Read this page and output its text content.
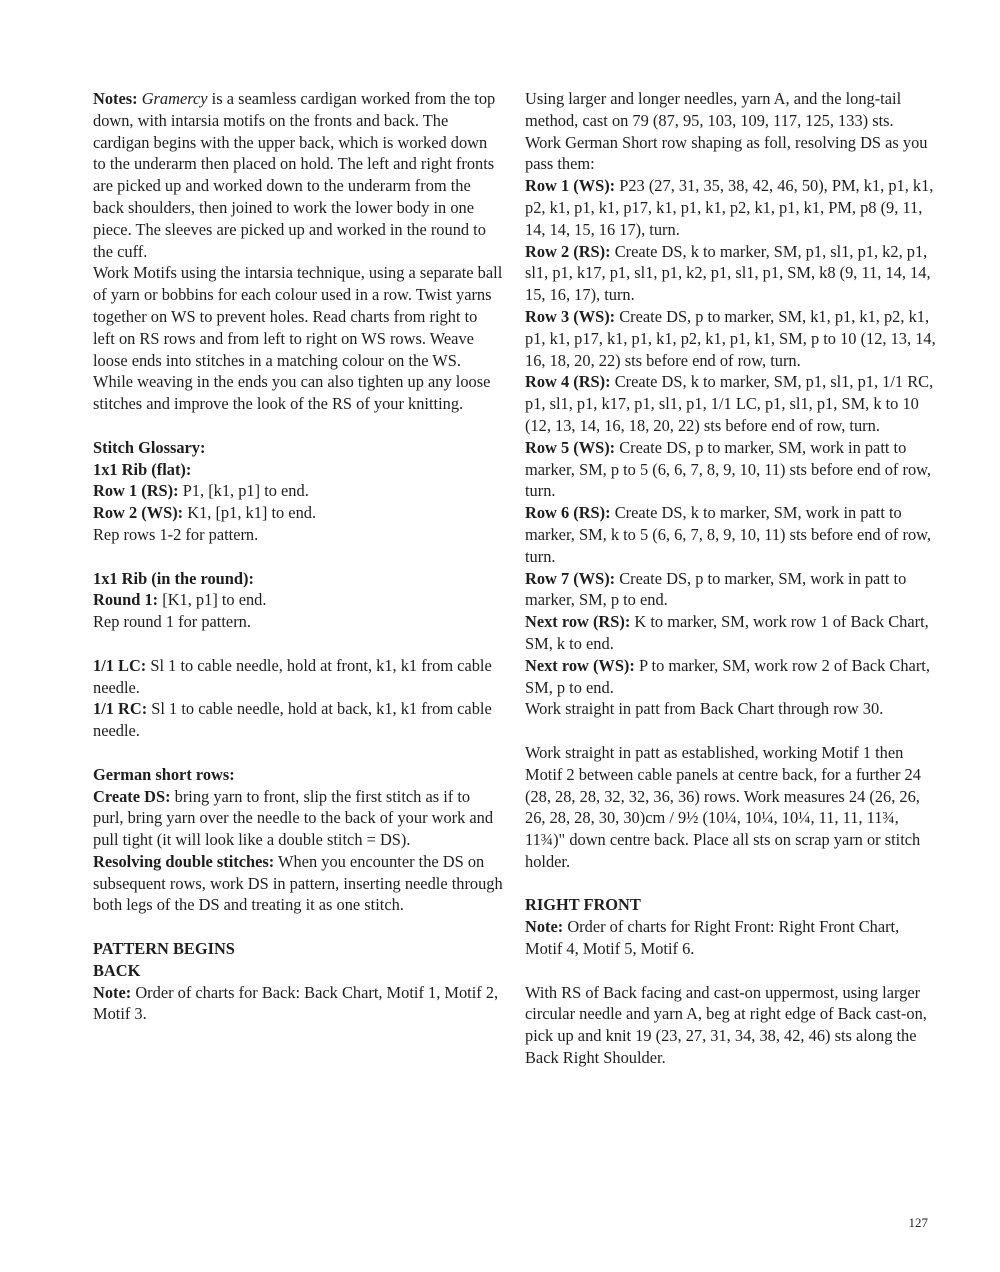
Notes: Gramercy is a seamless cardigan worked from the top down, with intarsia motifs on the fronts and back. The cardigan begins with the upper back, which is worked down to the underarm then placed on hold. The left and right fronts are picked up and worked down to the underarm from the back shoulders, then joined to work the lower body in one piece. The sleeves are picked up and worked in the round to the cuff.

Work Motifs using the intarsia technique, using a separate ball of yarn or bobbins for each colour used in a row. Twist yarns together on WS to prevent holes. Read charts from right to left on RS rows and from left to right on WS rows. Weave loose ends into stitches in a matching colour on the WS. While weaving in the ends you can also tighten up any loose stitches and improve the look of the RS of your knitting.

Stitch Glossary:

1x1 Rib (flat):

Row 1 (RS): P1, [k1, p1] to end.

Row 2 (WS): K1, [p1, k1] to end.

Rep rows 1-2 for pattern.

1x1 Rib (in the round):

Round 1: [K1, p1] to end.

Rep round 1 for pattern.

1/1 LC: Sl 1 to cable needle, hold at front, k1, k1 from cable needle.

1/1 RC: Sl 1 to cable needle, hold at back, k1, k1 from cable needle.

German short rows:

Create DS: bring yarn to front, slip the first stitch as if to purl, bring yarn over the needle to the back of your work and pull tight (it will look like a double stitch = DS).

Resolving double stitches: When you encounter the DS on subsequent rows, work DS in pattern, inserting needle through both legs of the DS and treating it as one stitch.

PATTERN BEGINS

BACK

Note: Order of charts for Back: Back Chart, Motif 1, Motif 2, Motif 3.

Using larger and longer needles, yarn A, and the long-tail method, cast on 79 (87, 95, 103, 109, 117, 125, 133) sts.

Work German Short row shaping as foll, resolving DS as you pass them:

Row 1 (WS): P23 (27, 31, 35, 38, 42, 46, 50), PM, k1, p1, k1, p2, k1, p1, k1, p17, k1, p1, k1, p2, k1, p1, k1, PM, p8 (9, 11, 14, 14, 15, 16 17), turn.

Row 2 (RS): Create DS, k to marker, SM, p1, sl1, p1, k2, p1, sl1, p1, k17, p1, sl1, p1, k2, p1, sl1, p1, SM, k8 (9, 11, 14, 14, 15, 16, 17), turn.

Row 3 (WS): Create DS, p to marker, SM, k1, p1, k1, p2, k1, p1, k1, p17, k1, p1, k1, p2, k1, p1, k1, SM, p to 10 (12, 13, 14, 16, 18, 20, 22) sts before end of row, turn.

Row 4 (RS): Create DS, k to marker, SM, p1, sl1, p1, 1/1 RC, p1, sl1, p1, k17, p1, sl1, p1, 1/1 LC, p1, sl1, p1, SM, k to 10 (12, 13, 14, 16, 18, 20, 22) sts before end of row, turn.

Row 5 (WS): Create DS, p to marker, SM, work in patt to marker, SM, p to 5 (6, 6, 7, 8, 9, 10, 11) sts before end of row, turn.

Row 6 (RS): Create DS, k to marker, SM, work in patt to marker, SM, k to 5 (6, 6, 7, 8, 9, 10, 11) sts before end of row, turn.

Row 7 (WS): Create DS, p to marker, SM, work in patt to marker, SM, p to end.

Next row (RS): K to marker, SM, work row 1 of Back Chart, SM, k to end.

Next row (WS): P to marker, SM, work row 2 of Back Chart, SM, p to end.

Work straight in patt from Back Chart through row 30.

Work straight in patt as established, working Motif 1 then Motif 2 between cable panels at centre back, for a further 24 (28, 28, 28, 32, 32, 36, 36) rows. Work measures 24 (26, 26, 26, 28, 28, 30, 30)cm / 9½ (10¼, 10¼, 10¼, 11, 11, 11¾, 11¾)" down centre back. Place all sts on scrap yarn or stitch holder.

RIGHT FRONT

Note: Order of charts for Right Front: Right Front Chart, Motif 4, Motif 5, Motif 6.

With RS of Back facing and cast-on uppermost, using larger circular needle and yarn A, beg at right edge of Back cast-on, pick up and knit 19 (23, 27, 31, 34, 38, 42, 46) sts along the Back Right Shoulder.

127
